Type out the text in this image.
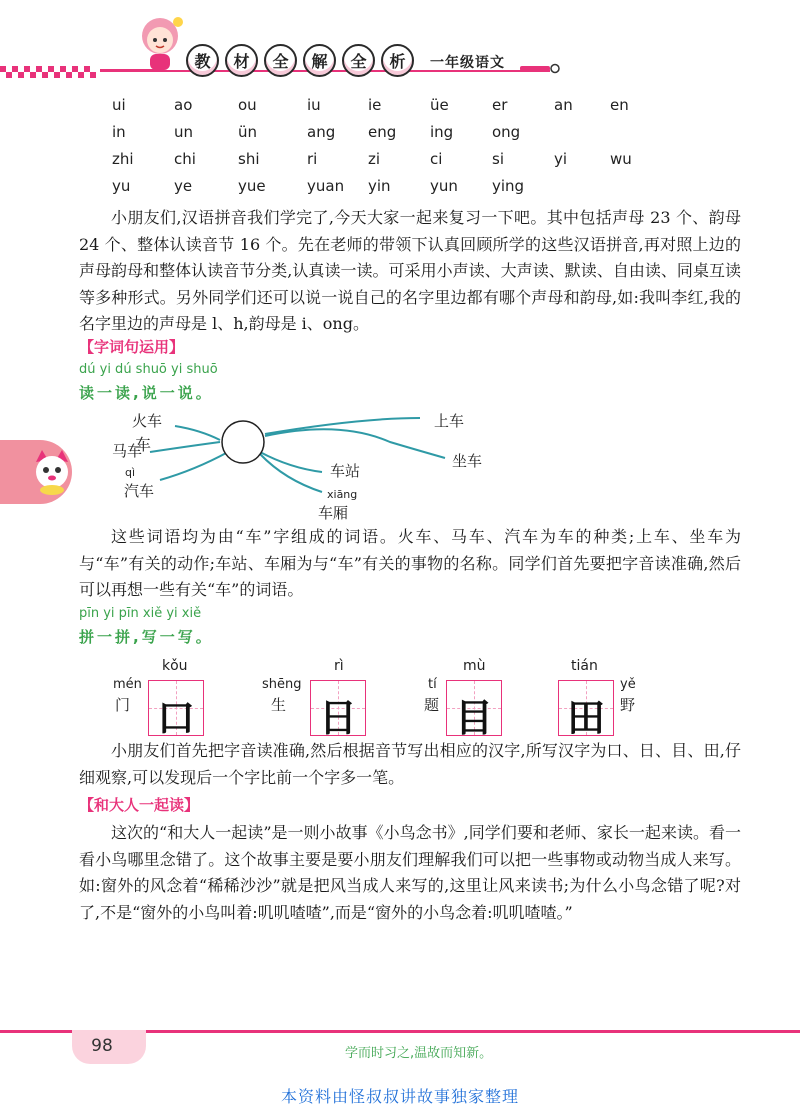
教	材	全	解	全	析	一年级语文
ui	ao	ou	iu	ie	üe	er	an en
in	un	ün	ang eng ing	ong
zhi	chi	shi	ri	zi	ci	si	yi	wu
yu	ye	yue	yuan yin	yun ying
小朋友们,汉语拼音我们学完了,今天大家一起来复习一下吧。其中包括声母 23 个、韵母 24 个、整体认读音节 16 个。先在老师的带领下认真回顾所学的这些汉语拼音,再对照上边的声母韵母和整体认读音节分类,认真读一读。可采用小声读、大声读、默读、自由读、同桌互读等多种形式。另外同学们还可以说一说自己的名字里边都有哪个声母和韵母,如:我叫李红,我的名字里边的声母是 l、h,韵母是 i、ong。
【字词句运用】
dú yi dú shuō yi shuō
读一读,说一说。
车
火车
马车
qì
汽车
上车
坐车
车站
xiāng
车厢
这些词语均为由“车”字组成的词语。火车、马车、汽车为车的种类;上车、坐车为与“车”有关的动作;车站、车厢为与“车”有关的事物的名称。同学们首先要把字音读准确,然后可以再想一些有关“车”的词语。
pīn yi pīn xiě yi xiě
拼一拼,写一写。
kǒu
mén
门 口
rì
shēng
生 日
mù
tí
题 目
tián
yě
野
田
小朋友们首先把字音读准确,然后根据音节写出相应的汉字,所写汉字为口、日、目、田,仔细观察,可以发现后一个字比前一个字多一笔。
【和大人一起读】
这次的“和大人一起读”是一则小故事《小鸟念书》,同学们要和老师、家长一起来读。看一看小鸟哪里念错了。这个故事主要是要小朋友们理解我们可以把一些事物或动物当成人来写。如:窗外的风念着“稀稀沙沙”就是把风当成人来写的,这里让风来读书;为什么小鸟念错了呢?对了,不是“窗外的小鸟叫着:叽叽喳喳”,而是“窗外的小鸟念着:叽叽喳喳。”
98	学而时习之,温故而知新。
本资料由怪叔叔讲故事独家整理
